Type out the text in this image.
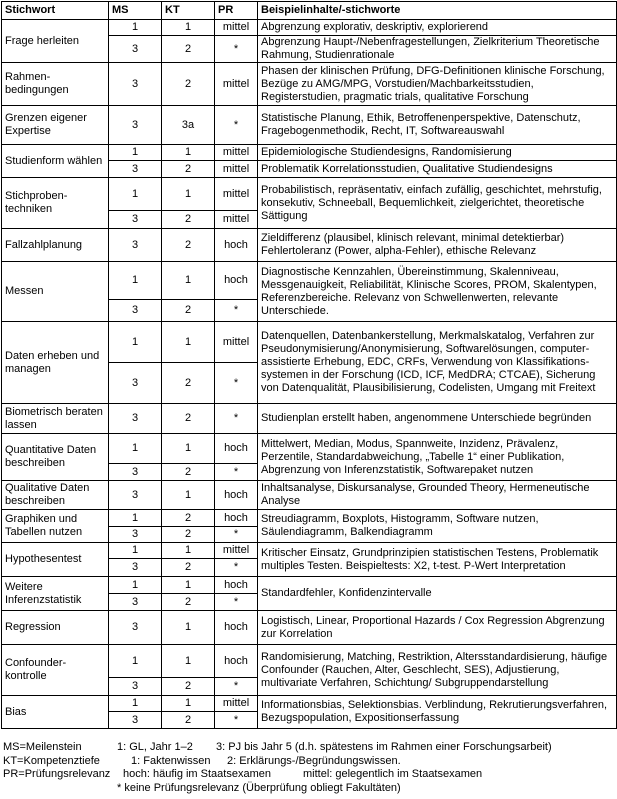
Stichwort	MS	KT	PR	Beispielinhalte/-stichworte
Frage herleiten	1	1	mittel	Abgrenzung explorativ, deskriptiv, explorierend
	3	2	*	Abgrenzung Haupt-/Nebenfragestellungen, Zielkriterium Theoretische Rahmung, Studienrationale
Rahmen-bedingungen	3	2	mittel	Phasen der klinischen Prüfung, DFG-Definitionen klinische Forschung, Bezüge zu AMG/MPG, Vorstudien/Machbarkeitsstudien, Registerstudien, pragmatic trials, qualitative Forschung
Grenzen eigener Expertise	3	3a	*	Statistische Planung, Ethik, Betroffenenperspektive, Datenschutz, Fragebogenmethodik, Recht, IT, Softwareauswahl
Studienform wählen	1	1	mittel	Epidemiologische Studiendesigns, Randomisierung
	3	2	mittel	Problematik Korrelationsstudien, Qualitative Studiendesigns
Stichproben-techniken	1	1	mittel	Probabilistisch, repräsentativ, einfach zufällig, geschichtet, mehrstufig, konsekutiv, Schneeball, Bequemlichkeit, zielgerichtet, theoretische Sättigung
	3	2	mittel	
Fallzahlplanung	3	2	hoch	Zieldifferenz (plausibel, klinisch relevant, minimal detektierbar) Fehlertoleranz (Power, alpha-Fehler), ethische Relevanz
Messen	1	1	hoch	Diagnostische Kennzahlen, Übereinstimmung, Skalenniveau, Messgenauigkeit, Reliabilität, Klinische Scores, PROM, Skalentypen, Referenzbereiche. Relevanz von Schwellenwerten, relevante Unterschiede.
	3	2	*	
Daten erheben und managen	1	1	mittel	Datenquellen, Datenbankerstellung, Merkmalskatalog, Verfahren zur Pseudonymisierung/Anonymisierung, Softwarelösungen, computer-assistierte Erhebung, EDC, CRFs, Verwendung von Klassifikations-systemen in der Forschung (ICD, ICF, MedDRA; CTCAE), Sicherung von Datenqualität, Plausibilisierung, Codelisten, Umgang mit Freitext
	3	2	*	
Biometrisch beraten lassen	3	2	*	Studienplan erstellt haben, angenommene Unterschiede begründen
Quantitative Daten beschreiben	1	1	hoch	Mittelwert, Median, Modus, Spannweite, Inzidenz, Prävalenz, Perzentile, Standardabweichung, „Tabelle 1“ einer Publikation, Abgrenzung von Inferenzstatistik, Softwarepaket nutzen
	3	2	*	
Qualitative Daten beschreiben	3	1	hoch	Inhaltsanalyse, Diskursanalyse, Grounded Theory, Hermeneutische Analyse
Graphiken und Tabellen nutzen	1	2	hoch	Streudiagramm, Boxplots, Histogramm, Software nutzen, Säulendiagramm, Balkendiagramm
	3	2	*	
Hypothesentest	1	1	mittel	Kritischer Einsatz, Grundprinzipien statistischen Testens, Problematik multiples Testen. Beispieltests: X2, t-test. P-Wert Interpretation
	3	2	*	
Weitere Inferenzstatistik	1	1	hoch	Standardfehler, Konfidenzintervalle
	3	2	*	
Regression	3	1	hoch	Logistisch, Linear, Proportional Hazards / Cox Regression Abgrenzung zur Korrelation
Confounder-kontrolle	1	1	hoch	Randomisierung, Matching, Restriktion, Altersstandardisierung, häufige Confounder (Rauchen, Alter, Geschlecht, SES), Adjustierung, multivariate Verfahren, Schichtung/ Subgruppendarstellung
	3	2	*	
Bias	1	1	mittel	Informationsbias, Selektionsbias. Verblindung, Rekrutierungsverfahren, Bezugspopulation, Expositionserfassung
	3	2	*	
MS=Meilenstein	1: GL, Jahr 1–2	3: PJ bis Jahr 5 (d.h. spätestens im Rahmen einer Forschungsarbeit)
KT=Kompetenztiefe	1: Faktenwissen 2: Erklärungs-/Begründungswissen.
PR=Prüfungsrelevanz	hoch: häufig im Staatsexamen	mittel: gelegentlich im Staatsexamen
* keine Prüfungsrelevanz (Überprüfung obliegt Fakultäten)
